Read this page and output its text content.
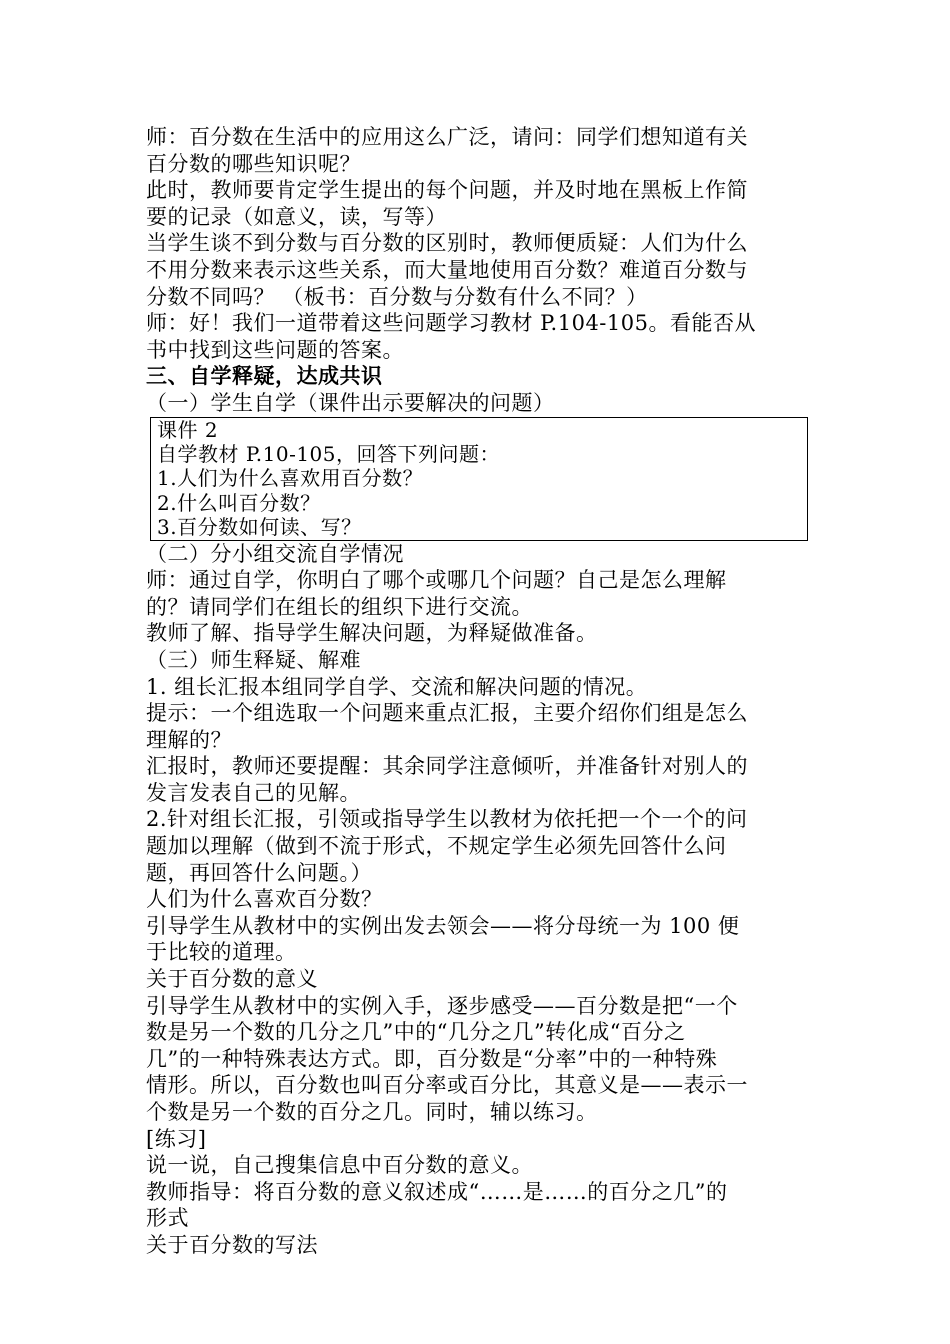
师：百分数在生活中的应用这么广泛，请问：同学们想知道有关
百分数的哪些知识呢？
此时，教师要肯定学生提出的每个问题，并及时地在黑板上作简
要的记录（如意义，读，写等）
当学生谈不到分数与百分数的区别时，教师便质疑：人们为什么
不用分数来表示这些关系，而大量地使用百分数？难道百分数与
分数不同吗？ （板书：百分数与分数有什么不同？）
师：好！我们一道带着这些问题学习教材 P.104-105。看能否从
书中找到这些问题的答案。
三、自学释疑，达成共识
（一）学生自学（课件出示要解决的问题）
课件 2
自学教材 P.10-105，回答下列问题：
1.人们为什么喜欢用百分数？
2.什么叫百分数？
3.百分数如何读、写？
（二）分小组交流自学情况
师：通过自学，你明白了哪个或哪几个问题？自己是怎么理解
的？请同学们在组长的组织下进行交流。
教师了解、指导学生解决问题，为释疑做准备。
（三）师生释疑、解难
1. 组长汇报本组同学自学、交流和解决问题的情况。
提示：一个组选取一个问题来重点汇报，主要介绍你们组是怎么
理解的？
汇报时，教师还要提醒：其余同学注意倾听，并准备针对别人的
发言发表自己的见解。
2.针对组长汇报，引领或指导学生以教材为依托把一个一个的问
题加以理解（做到不流于形式，不规定学生必须先回答什么问
题，再回答什么问题。）
人们为什么喜欢百分数？
引导学生从教材中的实例出发去领会——将分母统一为 100 便
于比较的道理。
关于百分数的意义
引导学生从教材中的实例入手，逐步感受——百分数是把“一个
数是另一个数的几分之几”中的“几分之几”转化成“百分之
几”的一种特殊表达方式。即，百分数是“分率”中的一种特殊
情形。所以，百分数也叫百分率或百分比，其意义是——表示一
个数是另一个数的百分之几。同时，辅以练习。
[练习]
说一说，自己搜集信息中百分数的意义。
教师指导：将百分数的意义叙述成“……是……的百分之几”的
形式
关于百分数的写法
